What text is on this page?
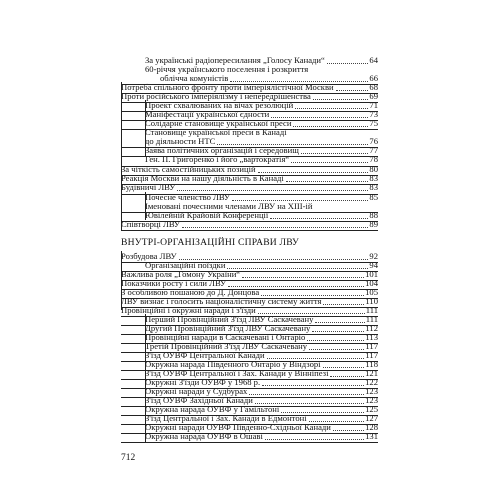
За українські радіопересилання „Голосу Канади“	64
60-річчя українського поселення і розкриття
облічча комуністів	66
Потреба спільного фронту проти імперіялістічної Москви	68
Проти російського імперіялізму і непередрішенства	69
Проект схвалюваних на вічах резолюцій	71
Маніфестації української єдности	73
Солідарне становище української преси	75
Становище української преси в Канаді
до діяльности НТС	76
Заява політичних організацій і середовищ	77
Ген. П. Григоренко і його „вартократія“	78
За чіткість самостійницьких позицій	80
Реакція Москви на нашу діяльність в Канаді	83
Будівничі ЛВУ	83
Почесне членство ЛВУ	85
Іменовані почесними членами ЛВУ на XIII-ій
Ювілейній Крайовій Конференції	88
Співтворці ЛВУ	89
Розбудова ЛВУ	92
Організаційні поїздки	94
Важлива роля „Гомону України“	101
Показчики росту і сили ЛВУ	104
З особливою пошаною до Д. Донцова	105
ЛВУ визнає і голосить націоналістичну систему життя	110
Провінційні і окружні наради і з'їзди	111
Перший Провінційний З'їзд ЛВУ Саскачевану	111
Другий Провінційний З'їзд ЛВУ Саскачевану	112
Провінційні наради в Саскачевані і Онтаріо	113
Третій Провінційний З'їзд ЛВУ Саскачевану	117
З'їзд ОУВФ Центральної Канади	117
Окружна нарада Південного Онтаріо у Віндзорі	118
З'їзд ОУВФ Центральної і Зах. Канади у Вінніпезі	121
Окружні З'їзди ОУВФ у 1968 р.	122
Окружні наради у Судбурах	123
З'їзд ОУВФ Західньої Канади	123
Окружна нарада ОУВФ у Гамільтоні	125
З'їзд Центральної і Зах. Канади в Едмонтоні	127
Окружні наради ОУВФ Південно-Східньої Канади	128
Окружна нарада ОУВФ в Ошаві	131
ВНУТРІ-ОРГАНІЗАЦІЙНІ СПРАВИ ЛВУ
712
